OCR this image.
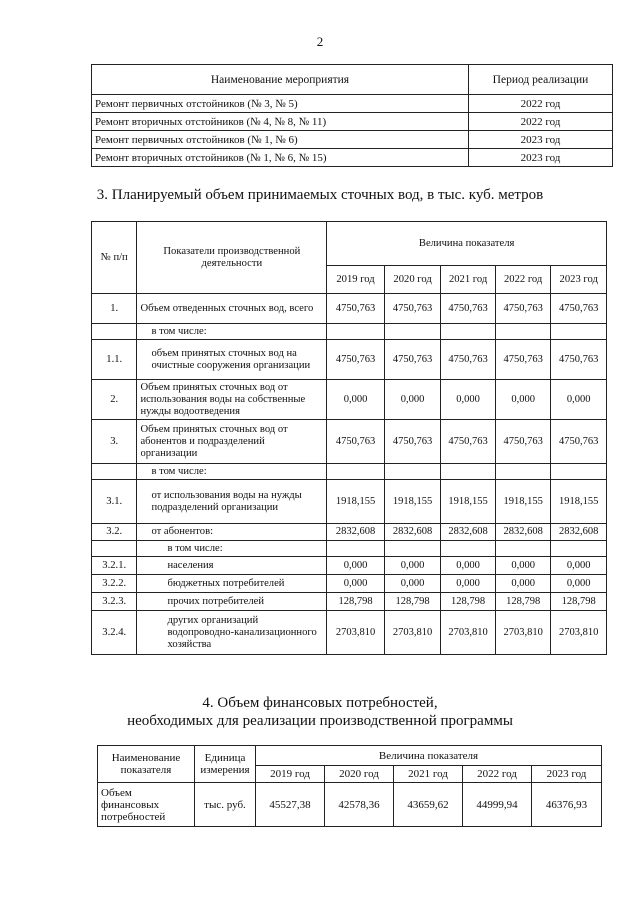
2
Наименование мероприятия	Период реализации
Ремонт первичных отстойников (№ 3, № 5)	2022 год
Ремонт вторичных отстойников (№ 4, № 8, № 11)	2022 год
Ремонт первичных отстойников (№ 1, № 6)	2023 год
Ремонт вторичных отстойников (№ 1, № 6, № 15)	2023 год
3. Планируемый объем принимаемых сточных вод, в тыс. куб. метров
№ п/п	Показатели производственной деятельности	Величина показателя				
		2019 год	2020 год	2021 год	2022 год	2023 год
1.	Объем отведенных сточных вод, всего	4750,763	4750,763	4750,763	4750,763	4750,763
	в том числе:					
1.1.	объем принятых сточных вод на очистные сооружения организации	4750,763	4750,763	4750,763	4750,763	4750,763
2.	Объем принятых сточных вод от использования воды на собственные нужды водоотведения	0,000	0,000	0,000	0,000	0,000
3.	Объем принятых сточных вод от абонентов и подразделений организации	4750,763	4750,763	4750,763	4750,763	4750,763
	в том числе:					
3.1.	от использования воды на нужды подразделений организации	1918,155	1918,155	1918,155	1918,155	1918,155
3.2.	от абонентов:	2832,608	2832,608	2832,608	2832,608	2832,608
	в том числе:					
3.2.1.	населения	0,000	0,000	0,000	0,000	0,000
3.2.2.	бюджетных потребителей	0,000	0,000	0,000	0,000	0,000
3.2.3.	прочих потребителей	128,798	128,798	128,798	128,798	128,798
3.2.4.	других организаций водопроводно-канализационного хозяйства	2703,810	2703,810	2703,810	2703,810	2703,810
4. Объем финансовых потребностей,
необходимых для реализации производственной программы
Наименование показателя	Единица измерения	Величина показателя				
		2019 год	2020 год	2021 год	2022 год	2023 год
Объем финансовых потребностей	тыс. руб.	45527,38	42578,36	43659,62	44999,94	46376,93
